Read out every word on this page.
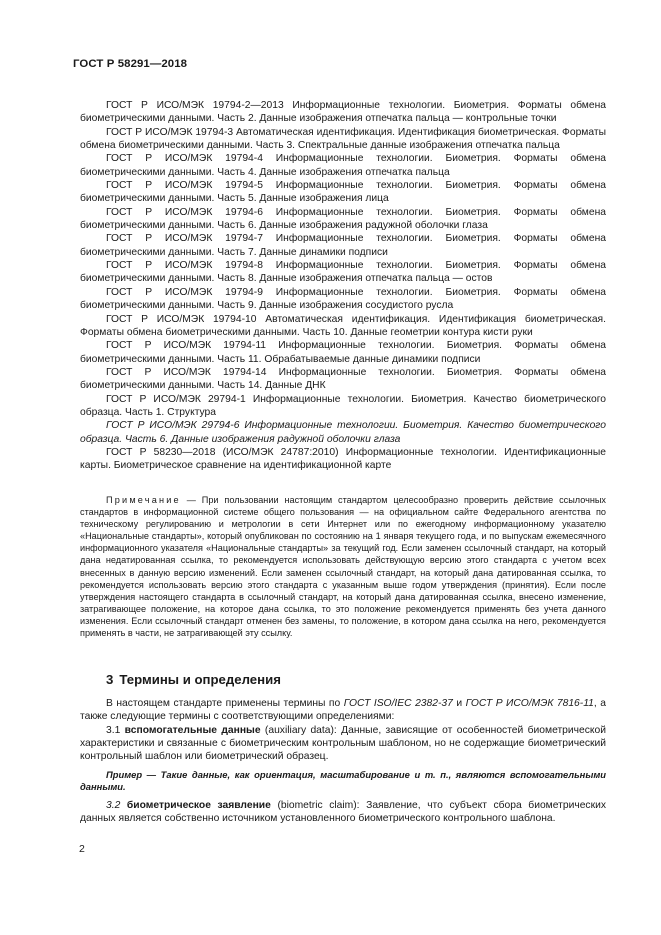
ГОСТ Р 58291—2018

ГОСТ Р ИСО/МЭК 19794-2—2013 Информационные технологии. Биометрия. Форматы обмена биометрическими данными. Часть 2. Данные изображения отпечатка пальца — контрольные точки

ГОСТ Р ИСО/МЭК 19794-3 Автоматическая идентификация. Идентификация биометрическая. Форматы обмена биометрическими данными. Часть 3. Спектральные данные изображения отпечатка пальца

ГОСТ Р ИСО/МЭК 19794-4 Информационные технологии. Биометрия. Форматы обмена биометрическими данными. Часть 4. Данные изображения отпечатка пальца

ГОСТ Р ИСО/МЭК 19794-5 Информационные технологии. Биометрия. Форматы обмена биометрическими данными. Часть 5. Данные изображения лица

ГОСТ Р ИСО/МЭК 19794-6 Информационные технологии. Биометрия. Форматы обмена биометрическими данными. Часть 6. Данные изображения радужной оболочки глаза

ГОСТ Р ИСО/МЭК 19794-7 Информационные технологии. Биометрия. Форматы обмена биометрическими данными. Часть 7. Данные динамики подписи

ГОСТ Р ИСО/МЭК 19794-8 Информационные технологии. Биометрия. Форматы обмена биометрическими данными. Часть 8. Данные изображения отпечатка пальца — остов

ГОСТ Р ИСО/МЭК 19794-9 Информационные технологии. Биометрия. Форматы обмена биометрическими данными. Часть 9. Данные изображения сосудистого русла

ГОСТ Р ИСО/МЭК 19794-10 Автоматическая идентификация. Идентификация биометрическая. Форматы обмена биометрическими данными. Часть 10. Данные геометрии контура кисти руки

ГОСТ Р ИСО/МЭК 19794-11 Информационные технологии. Биометрия. Форматы обмена биометрическими данными. Часть 11. Обрабатываемые данные динамики подписи

ГОСТ Р ИСО/МЭК 19794-14 Информационные технологии. Биометрия. Форматы обмена биометрическими данными. Часть 14. Данные ДНК

ГОСТ Р ИСО/МЭК 29794-1 Информационные технологии. Биометрия. Качество биометрического образца. Часть 1. Структура

ГОСТ Р ИСО/МЭК 29794-6 Информационные технологии. Биометрия. Качество биометрического образца. Часть 6. Данные изображения радужной оболочки глаза

ГОСТ Р 58230—2018 (ИСО/МЭК 24787:2010) Информационные технологии. Идентификационные карты. Биометрическое сравнение на идентификационной карте

Примечание — При пользовании настоящим стандартом целесообразно проверить действие ссылочных стандартов в информационной системе общего пользования — на официальном сайте Федерального агентства по техническому регулированию и метрологии в сети Интернет или по ежегодному информационному указателю «Национальные стандарты», который опубликован по состоянию на 1 января текущего года, и по выпускам ежемесячного информационного указателя «Национальные стандарты» за текущий год. Если заменен ссылочный стандарт, на который дана недатированная ссылка, то рекомендуется использовать действующую версию этого стандарта с учетом всех внесенных в данную версию изменений. Если заменен ссылочный стандарт, на который дана датированная ссылка, то рекомендуется использовать версию этого стандарта с указанным выше годом утверждения (принятия). Если после утверждения настоящего стандарта в ссылочный стандарт, на который дана датированная ссылка, внесено изменение, затрагивающее положение, на которое дана ссылка, то это положение рекомендуется применять без учета данного изменения. Если ссылочный стандарт отменен без замены, то положение, в котором дана ссылка на него, рекомендуется применять в части, не затрагивающей эту ссылку.

3 Термины и определения

В настоящем стандарте применены термины по ГОСТ ISO/IEC 2382-37 и ГОСТ Р ИСО/МЭК 7816-11, а также следующие термины с соответствующими определениями:

3.1 вспомогательные данные (auxiliary data): Данные, зависящие от особенностей биометрической характеристики и связанные с биометрическим контрольным шаблоном, но не содержащие биометрический контрольный шаблон или биометрический образец.

Пример — Такие данные, как ориентация, масштабирование и т. п., являются вспомогательными данными.

3.2 биометрическое заявление (biometric claim): Заявление, что субъект сбора биометрических данных является собственно источником установленного биометрического контрольного шаблона.

2
